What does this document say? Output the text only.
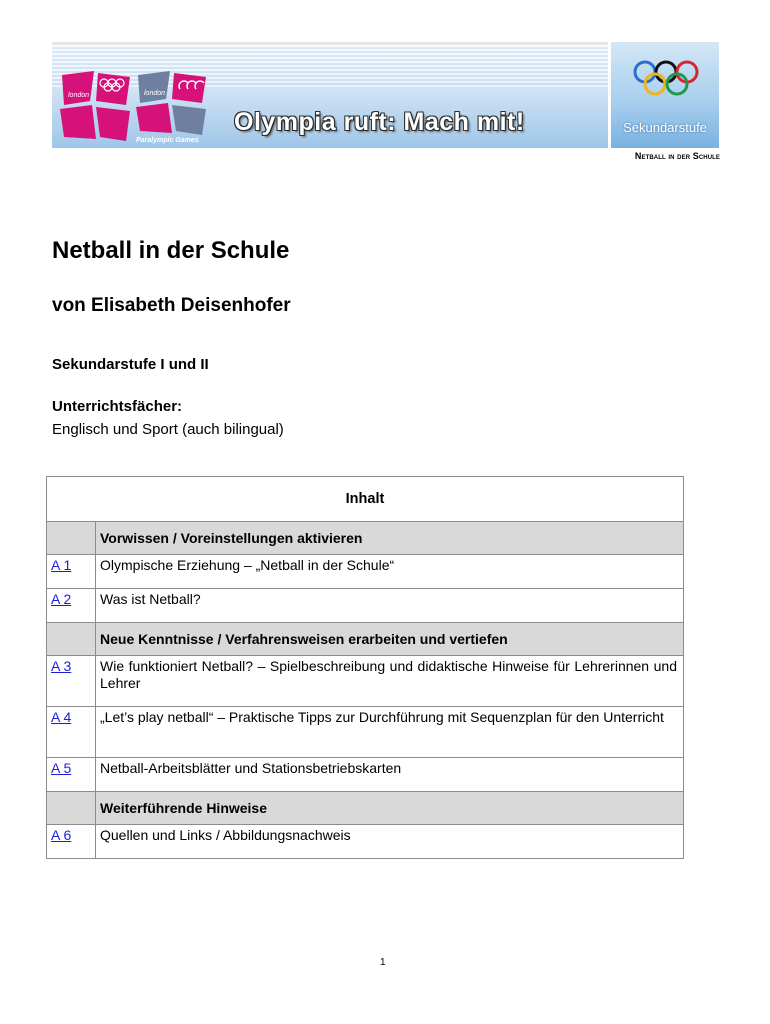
london	london
Paralympic Games
Olympia ruft: Mach mit!	Sekundarstufe
Netball in der Schule
Netball in der Schule
von Elisabeth Deisenhofer
Sekundarstufe I und II
Unterrichtsfächer:
Englisch und Sport (auch bilingual)
Inhalt	
	Vorwissen / Voreinstellungen aktivieren
A 1	Olympische Erziehung – „Netball in der Schule“
A 2	Was ist Netball?
	Neue Kenntnisse / Verfahrensweisen erarbeiten und vertiefen
A 3	Wie funktioniert Netball? – Spielbeschreibung und didaktische Hinweise für Lehrerinnen und Lehrer
A 4	„Let’s play netball“ – Praktische Tipps zur Durchführung mit Sequenzplan für den Unterricht
A 5	Netball-Arbeitsblätter und Stationsbetriebskarten
	Weiterführende Hinweise
A 6	Quellen und Links / Abbildungsnachweis
1
